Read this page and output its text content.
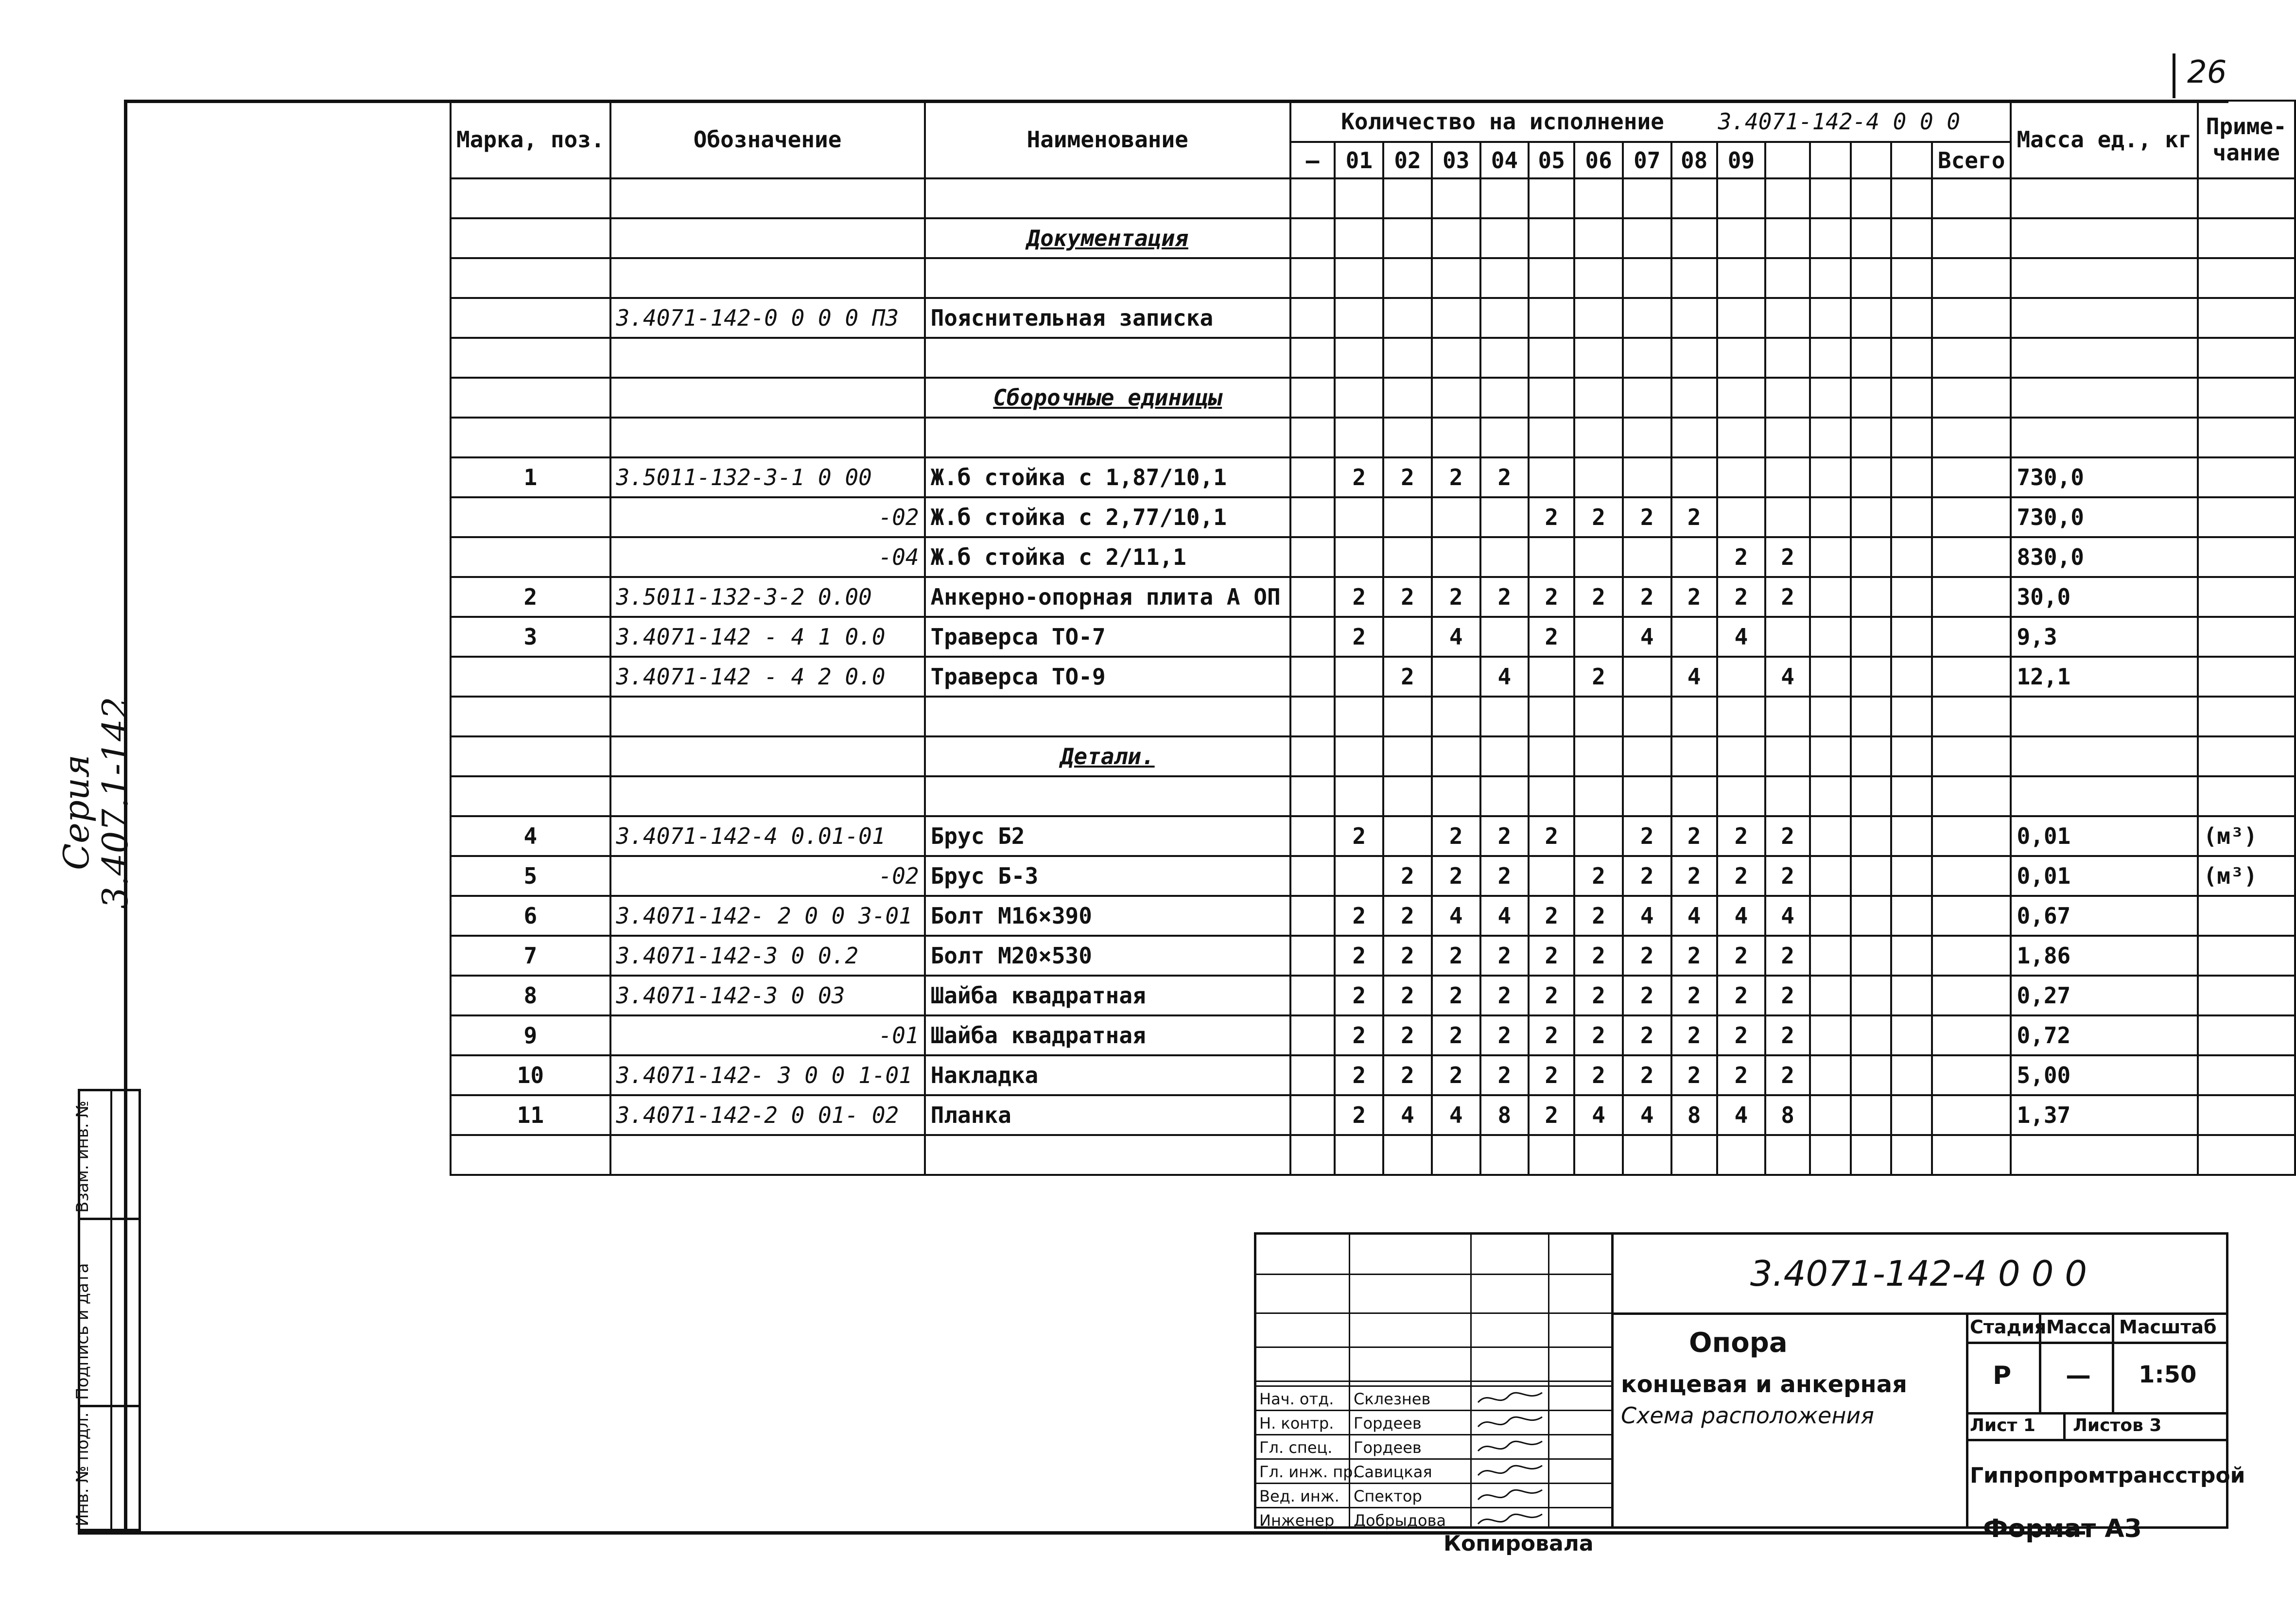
26
Серия
3.407.1-142
Взам. инв. №
Подпись и дата
Инв. № подл.
Марка, поз.	Обозначение	Наименование	Количество на исполнение 3.4071-142-4 0 0 0															Масса ед., кг	Приме- чание
			—	01	02	03	04	05	06	07	08	09					Всего		

		Документация																	

	3.4071-142-0 0 0 0 ПЗ	Пояснительная записка																	

		Сборочные единицы																	

1	3.5011-132-3-1 0 00	Ж.б стойка с 1,87/10,1		2	2	2	2											730,0	
	-02	Ж.б стойка с 2,77/10,1						2	2	2	2							730,0	
	-04	Ж.б стойка с 2/11,1										2	2					830,0	
2	3.5011-132-3-2 0.00	Анкерно-опорная плита А ОП		2	2	2	2	2	2	2	2	2	2					30,0	
3	3.4071-142 - 4 1 0.0	Траверса ТО-7		2		4		2		4		4						9,3	
	3.4071-142 - 4 2 0.0	Траверса ТО-9			2		4		2		4		4					12,1	

		Детали.																	

4	3.4071-142-4 0.01-01	Брус Б2		2		2	2	2		2	2	2	2					0,01	(м³)
5	-02	Брус Б-3			2	2	2		2	2	2	2	2					0,01	(м³)
6	3.4071-142- 2 0 0 3-01	Болт М16×390		2	2	4	4	2	2	4	4	4	4					0,67	
7	3.4071-142-3 0 0.2	Болт М20×530		2	2	2	2	2	2	2	2	2	2					1,86	
8	3.4071-142-3 0 03	Шайба квадратная		2	2	2	2	2	2	2	2	2	2					0,27	
9	-01	Шайба квадратная		2	2	2	2	2	2	2	2	2	2					0,72	
10	3.4071-142- 3 0 0 1-01	Накладка		2	2	2	2	2	2	2	2	2	2					5,00	
11	3.4071-142-2 0 01- 02	Планка		2	4	4	8	2	4	4	8	4	8					1,37	

Нач. отд. Склезнев
Н. контр. Гордеев
Гл. спец. Гордеев
Гл. инж. пр.
Савицкая
Вед. инж. Спектор
Инженер Добрыдова
3.4071-142-4 0 0 0
Опора
концевая и анкерная
Схема расположения
Стадия Масса Масштаб
Р — 1:50
Лист 1 Листов 3
Гипропромтрансстрой
Копировала
Формат А3
